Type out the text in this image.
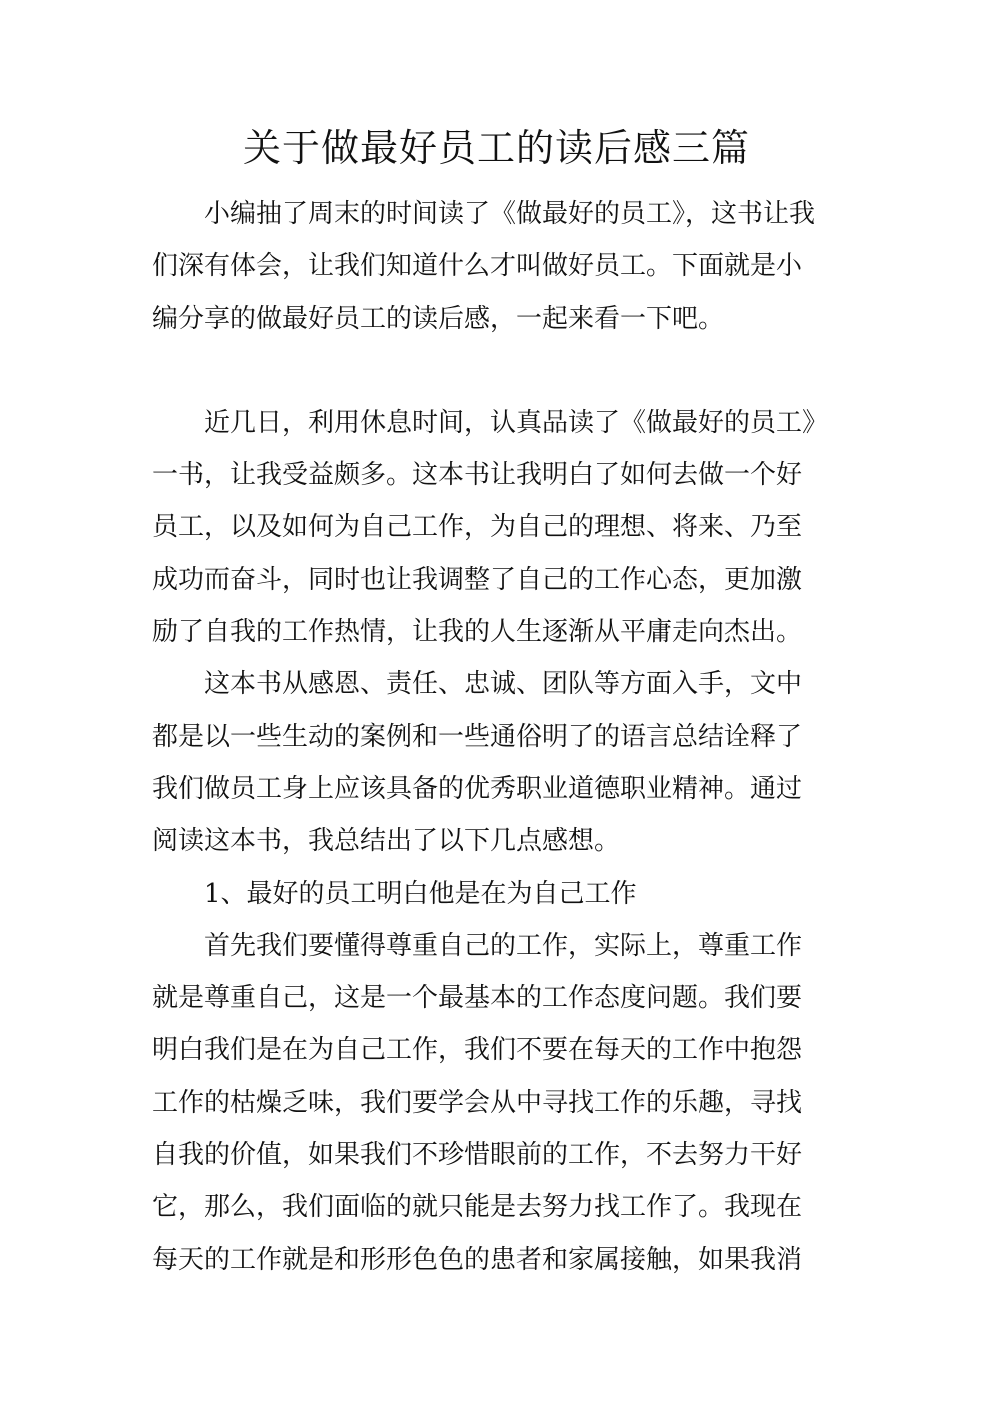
关于做最好员工的读后感三篇

小编抽了周末的时间读了《做最好的员工》，这书让我们深有体会，让我们知道什么才叫做好员工。下面就是小编分享的做最好员工的读后感，一起来看一下吧。

近几日，利用休息时间，认真品读了《做最好的员工》一书，让我受益颇多。这本书让我明白了如何去做一个好员工，以及如何为自己工作，为自己的理想、将来、乃至成功而奋斗，同时也让我调整了自己的工作心态，更加激励了自我的工作热情，让我的人生逐渐从平庸走向杰出。

这本书从感恩、责任、忠诚、团队等方面入手，文中都是以一些生动的案例和一些通俗明了的语言总结诠释了我们做员工身上应该具备的优秀职业道德职业精神。通过阅读这本书，我总结出了以下几点感想。

1、最好的员工明白他是在为自己工作

首先我们要懂得尊重自己的工作，实际上，尊重工作就是尊重自己，这是一个最基本的工作态度问题。我们要明白我们是在为自己工作，我们不要在每天的工作中抱怨工作的枯燥乏味，我们要学会从中寻找工作的乐趣，寻找自我的价值，如果我们不珍惜眼前的工作，不去努力干好它，那么，我们面临的就只能是去努力找工作了。我现在每天的工作就是和形形色色的患者和家属接触，如果我消
